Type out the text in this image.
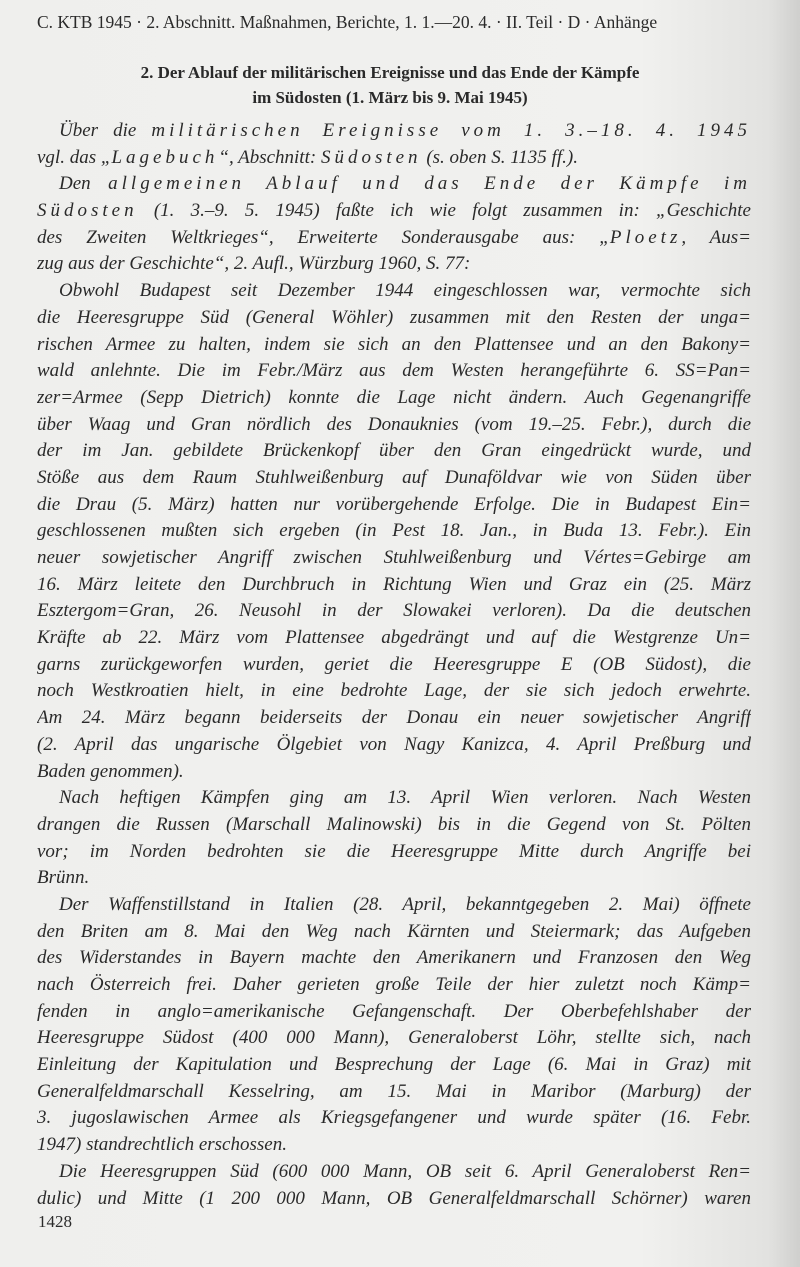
C. KTB 1945 · 2. Abschnitt. Maßnahmen, Berichte, 1. 1.—20. 4. · II. Teil · D · Anhänge
2. Der Ablauf der militärischen Ereignisse und das Ende der Kämpfe
im Südosten (1. März bis 9. Mai 1945)
Über die militärischen Ereignisse vom 1. 3.–18. 4. 1945
vgl. das „Lagebuch“, Abschnitt: Südosten (s. oben S. 1135 ff.).
Den allgemeinen Ablauf und das Ende der Kämpfe im
Südosten (1. 3.–9. 5. 1945) faßte ich wie folgt zusammen in: „Geschichte
des Zweiten Weltkrieges“, Erweiterte Sonderausgabe aus: „Ploetz, Aus=
zug aus der Geschichte“, 2. Aufl., Würzburg 1960, S. 77:
Obwohl Budapest seit Dezember 1944 eingeschlossen war, vermochte sich
die Heeresgruppe Süd (General Wöhler) zusammen mit den Resten der unga=
rischen Armee zu halten, indem sie sich an den Plattensee und an den Bakony=
wald anlehnte. Die im Febr./März aus dem Westen herangeführte 6. SS=Pan=
zer=Armee (Sepp Dietrich) konnte die Lage nicht ändern. Auch Gegenangriffe
über Waag und Gran nördlich des Donauknies (vom 19.–25. Febr.), durch die
der im Jan. gebildete Brückenkopf über den Gran eingedrückt wurde, und
Stöße aus dem Raum Stuhlweißenburg auf Dunaföldvar wie von Süden über
die Drau (5. März) hatten nur vorübergehende Erfolge. Die in Budapest Ein=
geschlossenen mußten sich ergeben (in Pest 18. Jan., in Buda 13. Febr.). Ein
neuer sowjetischer Angriff zwischen Stuhlweißenburg und Vértes=Gebirge am
16. März leitete den Durchbruch in Richtung Wien und Graz ein (25. März
Esztergom=Gran, 26. Neusohl in der Slowakei verloren). Da die deutschen
Kräfte ab 22. März vom Plattensee abgedrängt und auf die Westgrenze Un=
garns zurückgeworfen wurden, geriet die Heeresgruppe E (OB Südost), die
noch Westkroatien hielt, in eine bedrohte Lage, der sie sich jedoch erwehrte.
Am 24. März begann beiderseits der Donau ein neuer sowjetischer Angriff
(2. April das ungarische Ölgebiet von Nagy Kanizca, 4. April Preßburg und
Baden genommen).
Nach heftigen Kämpfen ging am 13. April Wien verloren. Nach Westen
drangen die Russen (Marschall Malinowski) bis in die Gegend von St. Pölten
vor; im Norden bedrohten sie die Heeresgruppe Mitte durch Angriffe bei
Brünn.
Der Waffenstillstand in Italien (28. April, bekanntgegeben 2. Mai) öffnete
den Briten am 8. Mai den Weg nach Kärnten und Steiermark; das Aufgeben
des Widerstandes in Bayern machte den Amerikanern und Franzosen den Weg
nach Österreich frei. Daher gerieten große Teile der hier zuletzt noch Kämp=
fenden in anglo=amerikanische Gefangenschaft. Der Oberbefehlshaber der
Heeresgruppe Südost (400 000 Mann), Generaloberst Löhr, stellte sich, nach
Einleitung der Kapitulation und Besprechung der Lage (6. Mai in Graz) mit
Generalfeldmarschall Kesselring, am 15. Mai in Maribor (Marburg) der
3. jugoslawischen Armee als Kriegsgefangener und wurde später (16. Febr.
1947) standrechtlich erschossen.
Die Heeresgruppen Süd (600 000 Mann, OB seit 6. April Generaloberst Ren=
dulic) und Mitte (1 200 000 Mann, OB Generalfeldmarschall Schörner) waren
1428
